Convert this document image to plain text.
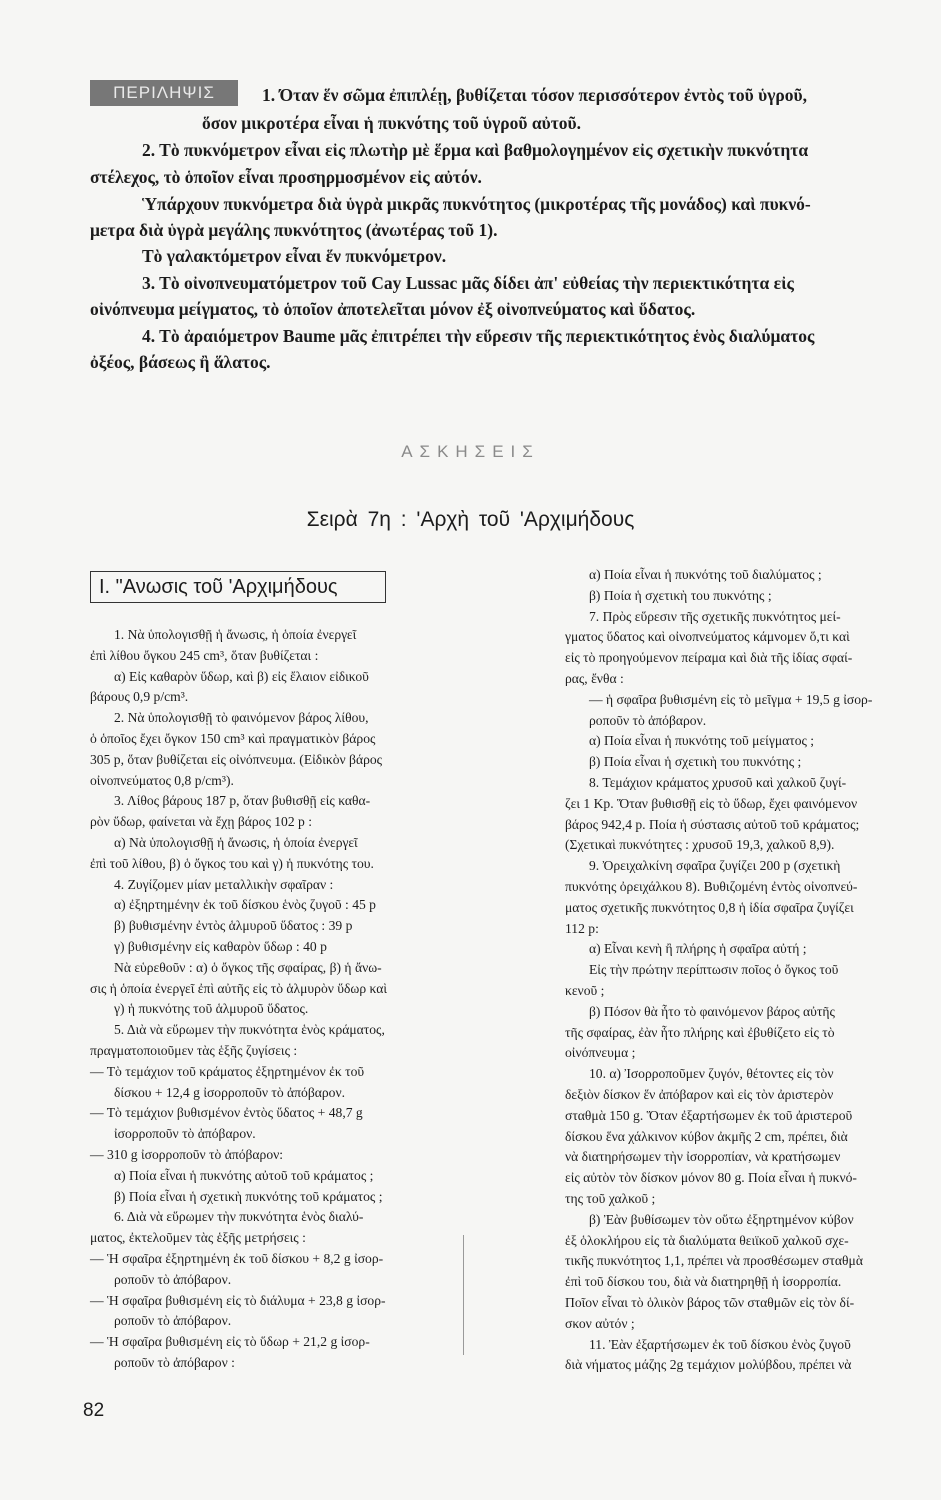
ΠΕΡΙΛΗΨΙΣ	1. Όταν ἕν σῶμα ἐπιπλέῃ, βυθίζεται τόσον περισσότερον ἐντὸς τοῦ ὑγροῦ,
ὅσον μικροτέρα εἶναι ἡ πυκνότης τοῦ ὑγροῦ αὐτοῦ.
2. Τὸ πυκνόμετρον εἶναι εἰς πλωτὴρ μὲ ἕρμα καὶ βαθμολογημένον εἰς σχετικὴν πυκνότητα
στέλεχος, τὸ ὁποῖον εἶναι προσηρμοσμένον εἰς αὐτόν.
Ὑπάρχουν πυκνόμετρα διὰ ὑγρὰ μικρᾶς πυκνότητος (μικροτέρας τῆς μονάδος) καὶ πυκνό-
μετρα διὰ ὑγρὰ μεγάλης πυκνότητος (ἀνωτέρας τοῦ 1).
Τὸ γαλακτόμετρον εἶναι ἕν πυκνόμετρον.
3. Τὸ οἰνοπνευματόμετρον τοῦ Cay Lussac μᾶς δίδει ἀπ' εὐθείας τὴν περιεκτικότητα εἰς
οἰνόπνευμα μείγματος, τὸ ὁποῖον ἀποτελεῖται μόνον ἐξ οἰνοπνεύματος καὶ ὕδατος.
4. Τὸ ἀραιόμετρον Baume μᾶς ἐπιτρέπει τὴν εὕρεσιν τῆς περιεκτικότητος ἑνὸς διαλύματος
ὀξέος, βάσεως ἢ ἅλατος.
ΑΣΚΗΣΕΙΣ
Σειρὰ 7η : 'Αρχὴ τοῦ 'Αρχιμήδους
I. "Ανωσις τοῦ 'Αρχιμήδους
1. Νὰ ὑπολογισθῇ ἡ ἄνωσις, ἡ ὁποία ἐνεργεῖ
ἐπὶ λίθου ὄγκου 245 cm³, ὅταν βυθίζεται :
α) Εἰς καθαρὸν ὕδωρ, καὶ β) εἰς ἔλαιον εἰδικοῦ
βάρους 0,9 p/cm³.
2. Νὰ ὑπολογισθῇ τὸ φαινόμενον βάρος λίθου,
ὁ ὁποῖος ἔχει ὄγκον 150 cm³ καὶ πραγματικὸν βάρος
305 p, ὅταν βυθίζεται εἰς οἰνόπνευμα. (Εἰδικὸν βάρος
οἰνοπνεύματος 0,8 p/cm³).
3. Λίθος βάρους 187 p, ὅταν βυθισθῇ εἰς καθα-
ρὸν ὕδωρ, φαίνεται νὰ ἔχῃ βάρος 102 p :
α) Νὰ ὑπολογισθῇ ἡ ἄνωσις, ἡ ὁποία ἐνεργεῖ
ἐπὶ τοῦ λίθου, β) ὁ ὄγκος του καὶ γ) ἡ πυκνότης του.
4. Ζυγίζομεν μίαν μεταλλικὴν σφαῖραν :
α) ἐξηρτημένην ἐκ τοῦ δίσκου ἑνὸς ζυγοῦ : 45 p
β) βυθισμένην ἐντὸς ἁλμυροῦ ὕδατος : 39 p
γ) βυθισμένην εἰς καθαρὸν ὕδωρ : 40 p
Νὰ εὑρεθοῦν : α) ὁ ὄγκος τῆς σφαίρας, β) ἡ ἄνω-
σις ἡ ὁποία ἐνεργεῖ ἐπὶ αὐτῆς εἰς τὸ ἁλμυρὸν ὕδωρ καὶ
γ) ἡ πυκνότης τοῦ ἁλμυροῦ ὕδατος.
5. Διὰ νὰ εὕρωμεν τὴν πυκνότητα ἑνὸς κράματος,
πραγματοποιοῦμεν τὰς ἑξῆς ζυγίσεις :
— Τὸ τεμάχιον τοῦ κράματος ἐξηρτημένον ἐκ τοῦ
δίσκου + 12,4 g ἰσορροποῦν τὸ ἀπόβαρον.
— Τὸ τεμάχιον βυθισμένον ἐντὸς ὕδατος + 48,7 g
ἰσορροποῦν τὸ ἀπόβαρον.
— 310 g ἰσορροποῦν τὸ ἀπόβαρον:
α) Ποία εἶναι ἡ πυκνότης αὐτοῦ τοῦ κράματος ;
β) Ποία εἶναι ἡ σχετικὴ πυκνότης τοῦ κράματος ;
6. Διὰ νὰ εὕρωμεν τὴν πυκνότητα ἑνὸς διαλύ-
ματος, ἐκτελοῦμεν τὰς ἑξῆς μετρήσεις :
— Ἡ σφαῖρα ἐξηρτημένη ἐκ τοῦ δίσκου + 8,2 g ἰσορ-
ροποῦν τὸ ἀπόβαρον.
— Ἡ σφαῖρα βυθισμένη εἰς τὸ διάλυμα + 23,8 g ἰσορ-
ροποῦν τὸ ἀπόβαρον.
— Ἡ σφαῖρα βυθισμένη εἰς τὸ ὕδωρ + 21,2 g ἰσορ-
ροποῦν τὸ ἀπόβαρον :
α) Ποία εἶναι ἡ πυκνότης τοῦ διαλύματος ;
β) Ποία ἡ σχετικὴ του πυκνότης ;
7. Πρὸς εὕρεσιν τῆς σχετικῆς πυκνότητος μεί-
γματος ὕδατος καὶ οἰνοπνεύματος κάμνομεν ὅ,τι καὶ
εἰς τὸ προηγούμενον πείραμα καὶ διὰ τῆς ἰδίας σφαί-
ρας, ἔνθα :
— ἡ σφαῖρα βυθισμένη εἰς τὸ μεῖγμα + 19,5 g ἰσορ-
ροποῦν τὸ ἀπόβαρον.
α) Ποία εἶναι ἡ πυκνότης τοῦ μείγματος ;
β) Ποία εἶναι ἡ σχετικὴ του πυκνότης ;
8. Τεμάχιον κράματος χρυσοῦ καὶ χαλκοῦ ζυγί-
ζει 1 Kp. Ὅταν βυθισθῇ εἰς τὸ ὕδωρ, ἔχει φαινόμενον
βάρος 942,4 p. Ποία ἡ σύστασις αὐτοῦ τοῦ κράματος;
(Σχετικαὶ πυκνότητες : χρυσοῦ 19,3, χαλκοῦ 8,9).
9. Ὀρειχαλκίνη σφαῖρα ζυγίζει 200 p (σχετικὴ
πυκνότης ὀρειχάλκου 8). Βυθιζομένη ἐντὸς οἰνοπνεύ-
ματος σχετικῆς πυκνότητος 0,8 ἡ ἰδία σφαῖρα ζυγίζει
112 p:
α) Εἶναι κενὴ ἢ πλήρης ἡ σφαῖρα αὐτή ;
Εἰς τὴν πρώτην περίπτωσιν ποῖος ὁ ὄγκος τοῦ
κενοῦ ;
β) Πόσον θὰ ἦτο τὸ φαινόμενον βάρος αὐτῆς
τῆς σφαίρας, ἐὰν ἦτο πλήρης καὶ ἐβυθίζετο εἰς τὸ
οἰνόπνευμα ;
10. α) Ἰσορροποῦμεν ζυγόν, θέτοντες εἰς τὸν
δεξιὸν δίσκον ἕν ἀπόβαρον καὶ εἰς τὸν ἀριστερὸν
σταθμὰ 150 g. Ὅταν ἐξαρτήσωμεν ἐκ τοῦ ἀριστεροῦ
δίσκου ἕνα χάλκινον κύβον ἀκμῆς 2 cm, πρέπει, διὰ
νὰ διατηρήσωμεν τὴν ἰσορροπίαν, νὰ κρατήσωμεν
εἰς αὐτὸν τὸν δίσκον μόνον 80 g. Ποία εἶναι ἡ πυκνό-
της τοῦ χαλκοῦ ;
β) Ἐὰν βυθίσωμεν τὸν οὕτω ἐξηρτημένον κύβον
ἐξ ὁλοκλήρου εἰς τὰ διαλύματα θειϊκοῦ χαλκοῦ σχε-
τικῆς πυκνότητος 1,1, πρέπει νὰ προσθέσωμεν σταθμὰ
ἐπὶ τοῦ δίσκου του, διὰ νὰ διατηρηθῇ ἡ ἰσορροπία.
Ποῖον εἶναι τὸ ὁλικὸν βάρος τῶν σταθμῶν εἰς τὸν δί-
σκον αὐτόν ;
11. Ἐὰν ἐξαρτήσωμεν ἐκ τοῦ δίσκου ἑνὸς ζυγοῦ
διὰ νήματος μάζης 2g τεμάχιον μολύβδου, πρέπει νὰ
82
